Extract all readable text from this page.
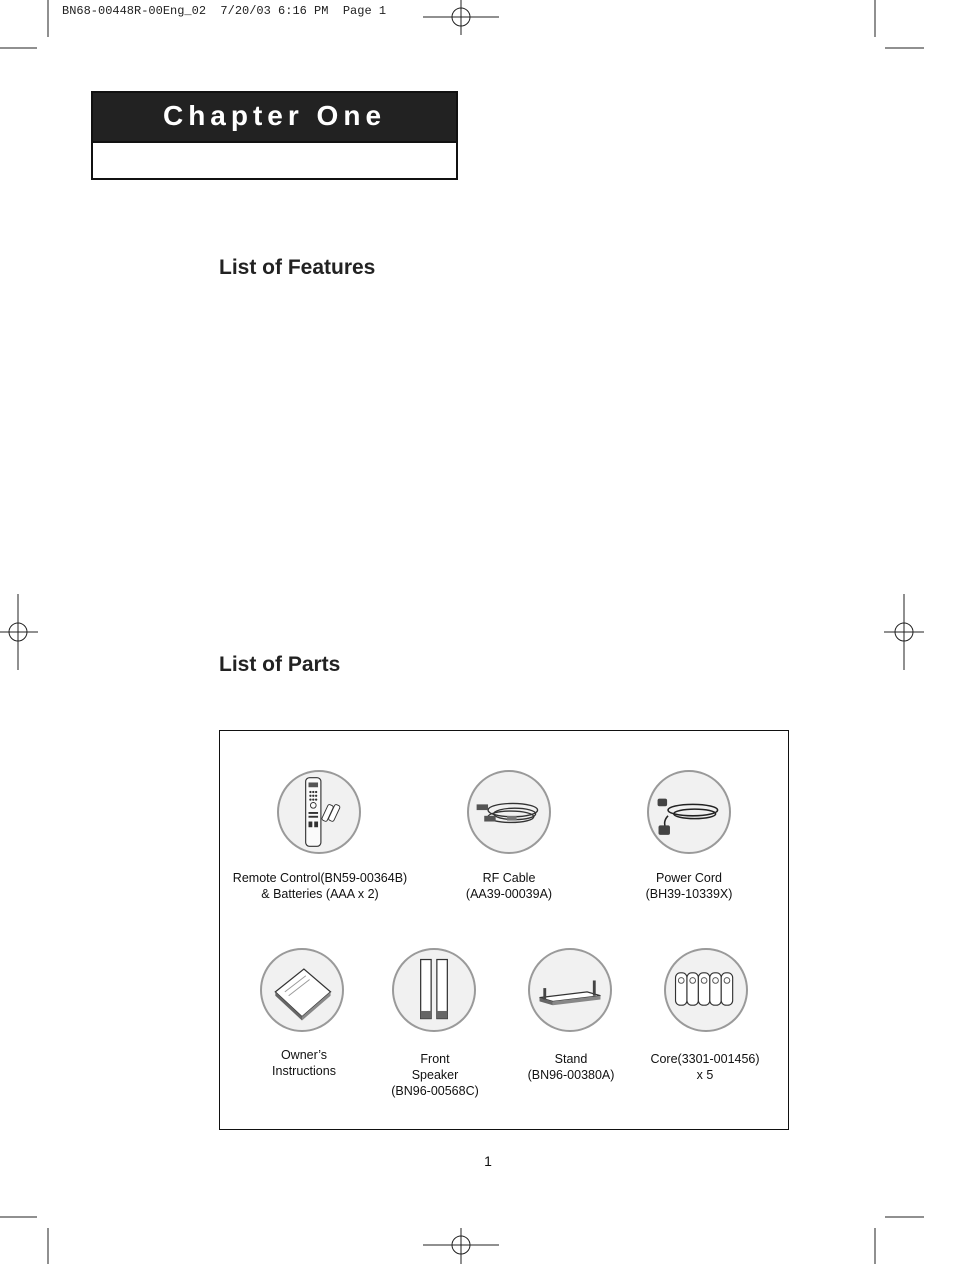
BN68-00448R-00Eng_02  7/20/03 6:16 PM  Page 1
Chapter One
List of Features
List of Parts
Remote Control(BN59-00364B)
& Batteries (AAA x 2)
RF Cable
(AA39-00039A)
Power Cord
(BH39-10339X)
Owner’s
Instructions
Front
Speaker
(BN96-00568C)
Stand
(BN96-00380A)
Core(3301-001456)
x 5
1
